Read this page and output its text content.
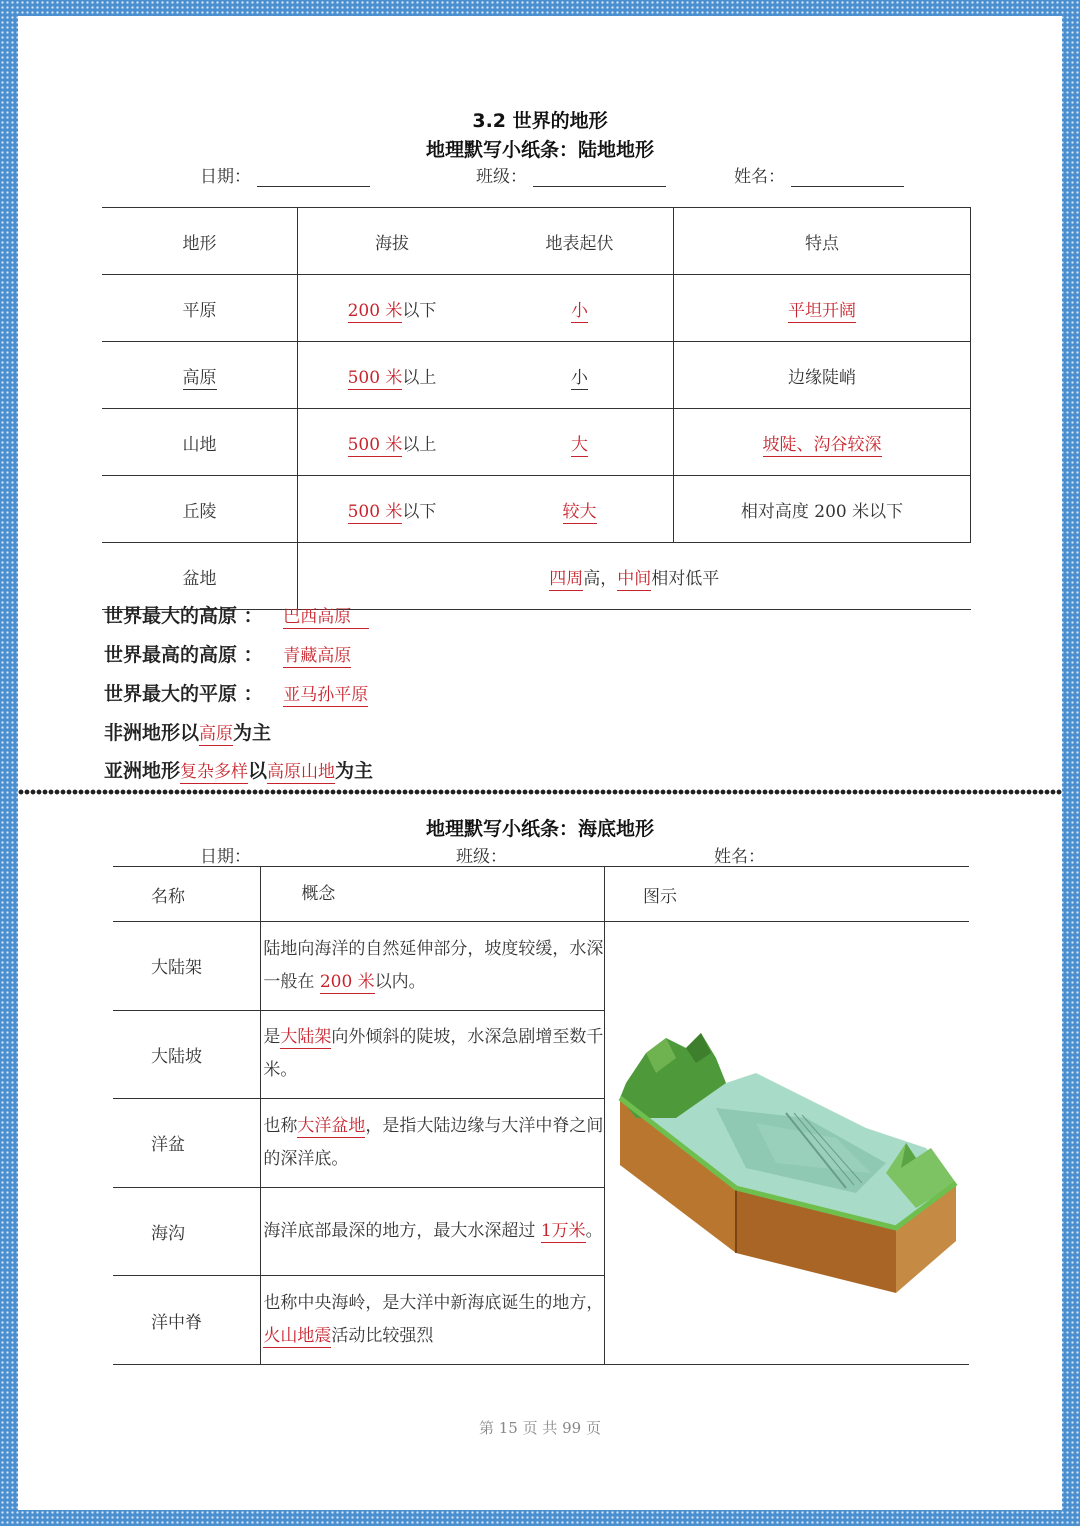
3.2 世界的地形
地理默写小纸条：陆地地形
日期：	班级：	姓名：
地形	海拔	地表起伏	特点
平原	200 米以下	小	平坦开阔
高原	500 米以上	小	边缘陡峭
山地	500 米以上	大	坡陡、沟谷较深
丘陵	500 米以下	较大	相对高度 200 米以下
盆地	四周高，中间相对低平		
世界最大的高原 ： 巴西高原
世界最高的高原 ： 青藏高原
世界最大的平原 ： 亚马孙平原
非洲地形以高原为主
亚洲地形复杂多样以高原山地为主
地理默写小纸条：海底地形
日期：	班级：	姓名：
名称	概念	图示
大陆架	陆地向海洋的自然延伸部分，坡度较缓，水深一般在 200 米以内。	

大陆坡	是大陆架向外倾斜的陡坡，水深急剧增至数千米。	
洋盆	也称大洋盆地，是指大陆边缘与大洋中脊之间的深洋底。	
海沟	海洋底部最深的地方，最大水深超过 1万米。	
洋中脊	也称中央海岭，是大洋中新海底诞生的地方，火山地震活动比较强烈	
第 15 页 共 99 页
